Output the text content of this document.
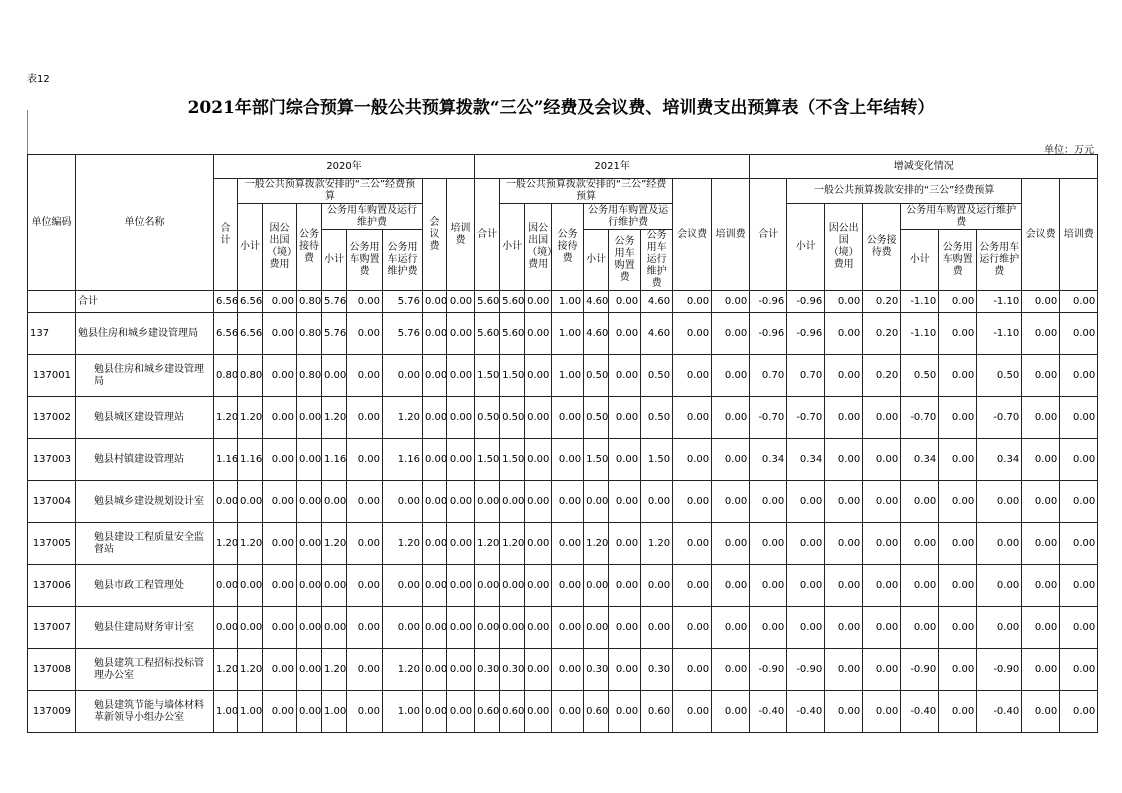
表12
2021年部门综合预算一般公共预算拨款“三公”经费及会议费、培训费支出预算表（不含上年结转）
单位：万元
单位编码	单位名称	2020年									2021年									增减变化情况								
		合计	一般公共预算拨款安排的“三公”经费预算						会议费	培训费	合计	一般公共预算拨款安排的“三公”经费预算						会议费	培训费	合计	一般公共预算拨款安排的“三公”经费预算						会议费	培训费
			小计	因公出国（境）费用	公务接待费	公务用车购置及运行维护费						小计	因公出国（境）费用	公务接待费	公务用车购置及运行维护费						小计	因公出国（境）费用	公务接待费	公务用车购置及运行维护费				
						小计	公务用车购置费	公务用车运行维护费							小计	公务用车购置费	公务用车运行维护费							小计	公务用车购置费	公务用车运行维护费		

	合计	6.56	6.56	0.00	0.80	5.76	0.00	5.76	0.00	0.00	5.60	5.60	0.00	1.00	4.60	0.00	4.60	0.00	0.00	-0.96	-0.96	0.00	0.20	-1.10	0.00	-1.10	0.00	0.00
137	勉县住房和城乡建设管理局	6.56	6.56	0.00	0.80	5.76	0.00	5.76	0.00	0.00	5.60	5.60	0.00	1.00	4.60	0.00	4.60	0.00	0.00	-0.96	-0.96	0.00	0.20	-1.10	0.00	-1.10	0.00	0.00
137001	勉县住房和城乡建设管理局	0.80	0.80	0.00	0.80	0.00	0.00	0.00	0.00	0.00	1.50	1.50	0.00	1.00	0.50	0.00	0.50	0.00	0.00	0.70	0.70	0.00	0.20	0.50	0.00	0.50	0.00	0.00
137002	勉县城区建设管理站	1.20	1.20	0.00	0.00	1.20	0.00	1.20	0.00	0.00	0.50	0.50	0.00	0.00	0.50	0.00	0.50	0.00	0.00	-0.70	-0.70	0.00	0.00	-0.70	0.00	-0.70	0.00	0.00
137003	勉县村镇建设管理站	1.16	1.16	0.00	0.00	1.16	0.00	1.16	0.00	0.00	1.50	1.50	0.00	0.00	1.50	0.00	1.50	0.00	0.00	0.34	0.34	0.00	0.00	0.34	0.00	0.34	0.00	0.00
137004	勉县城乡建设规划设计室	0.00	0.00	0.00	0.00	0.00	0.00	0.00	0.00	0.00	0.00	0.00	0.00	0.00	0.00	0.00	0.00	0.00	0.00	0.00	0.00	0.00	0.00	0.00	0.00	0.00	0.00	0.00
137005	勉县建设工程质量安全监督站	1.20	1.20	0.00	0.00	1.20	0.00	1.20	0.00	0.00	1.20	1.20	0.00	0.00	1.20	0.00	1.20	0.00	0.00	0.00	0.00	0.00	0.00	0.00	0.00	0.00	0.00	0.00
137006	勉县市政工程管理处	0.00	0.00	0.00	0.00	0.00	0.00	0.00	0.00	0.00	0.00	0.00	0.00	0.00	0.00	0.00	0.00	0.00	0.00	0.00	0.00	0.00	0.00	0.00	0.00	0.00	0.00	0.00
137007	勉县住建局财务审计室	0.00	0.00	0.00	0.00	0.00	0.00	0.00	0.00	0.00	0.00	0.00	0.00	0.00	0.00	0.00	0.00	0.00	0.00	0.00	0.00	0.00	0.00	0.00	0.00	0.00	0.00	0.00
137008	勉县建筑工程招标投标管理办公室	1.20	1.20	0.00	0.00	1.20	0.00	1.20	0.00	0.00	0.30	0.30	0.00	0.00	0.30	0.00	0.30	0.00	0.00	-0.90	-0.90	0.00	0.00	-0.90	0.00	-0.90	0.00	0.00
137009	勉县建筑节能与墙体材料革新领导小组办公室	1.00	1.00	0.00	0.00	1.00	0.00	1.00	0.00	0.00	0.60	0.60	0.00	0.00	0.60	0.00	0.60	0.00	0.00	-0.40	-0.40	0.00	0.00	-0.40	0.00	-0.40	0.00	0.00
